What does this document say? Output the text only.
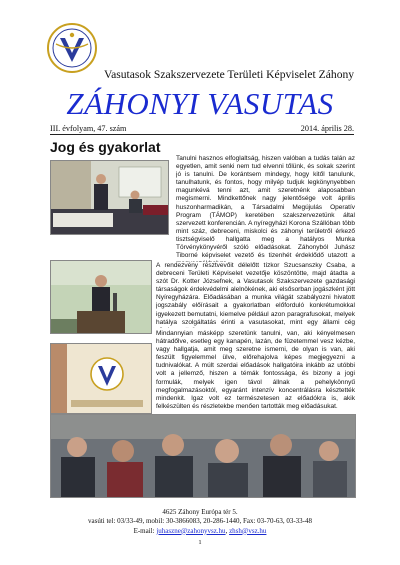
Vasutasok Szakszervezete Területi Képviselet Záhony
ZÁHONYI VASUTAS
III. évfolyam, 47. szám	2014. április 28.
Jog és gyakorlat

Tanulni hasznos elfoglaltság, hiszen valóban a tudás talán az egyetlen, amit senki nem tud elvenni tőlünk, és sokak szerint jó is tanulni. De korántsem mindegy, hogy kitől tanulunk, tanulhatunk, és fontos, hogy milyép tudjuk legkönynyebben magunkévá tenni azt, amit szeretnénk alaposabban megismerni. Mindkettőnek nagy jelentősége volt április huszonharmadikán, a Társadalmi Megújulás Operatív Program (TÁMOP) keretében szakszervezetünk által szervezett konferencián. A nyíregyházi Korona Szállóban több mint száz, debreceni, miskolci és záhonyi területről érkező tisztségviselő hallgatta meg a hatályos Munka Törvénykönyvéről szóló előadásokat. Záhonyból Juhász Tiborné képviselet vezető és tizenhét érdeklődő utazott a

A rendezvény résztvevőit délelőtt tízkor Szucsanszky Csaba, a debreceni Területi Képviselet vezetője köszöntötte, majd átadta a szót Dr. Kotter Józsefnek, a Vasutasok Szakszervezete gazdasági társaságok érdekvédelmi alelnökének, aki elsősorban jogászként jött Nyíregyházára. Előadásában a munka világát szabályozni hivatott jogszabály előírásait a gyakorlatban előforduló konkrétumokkal igyekezett bemutatni, kiemelve például azon paragrafusokat, melyek hatálya szolgáltatás érinti a vasutasokat, mint egy állami cég

Mindannyian másképp szeretünk tanulni, van, aki kényelmesen hátradőlve, esetleg egy kanapén, lazán, de füzetemmel vesz kézbe, vagy hallgatja, amit meg szeretne ismerni, de olyan is van, aki feszült figyelemmel ülve, előrehajolva képes megjegyezni a tudnivalókat. A múlt szerdai előadások hallgatóira inkább az utóbbi volt a jellemző, hiszen a témák fontossága, és bizony a jogi formulák, melyek igen távol állnak a pehelykönnyű megfogalmazásoktól, egyaránt intenzív koncentrálásra késztették mindenkit. Igaz volt ez természetesen az előadókra is, akik felkészülten és részletekbe menően tartották meg előadásukat.

4625 Záhony Európa tér 5.
vasúti tel: 03/33-49, mobil: 30-3866083, 20-286-1440, Fax: 03-70-63, 03-33-48
E-mail: juhaszne@zahonyvsz.hu, zhsh@vsz.hu
1
